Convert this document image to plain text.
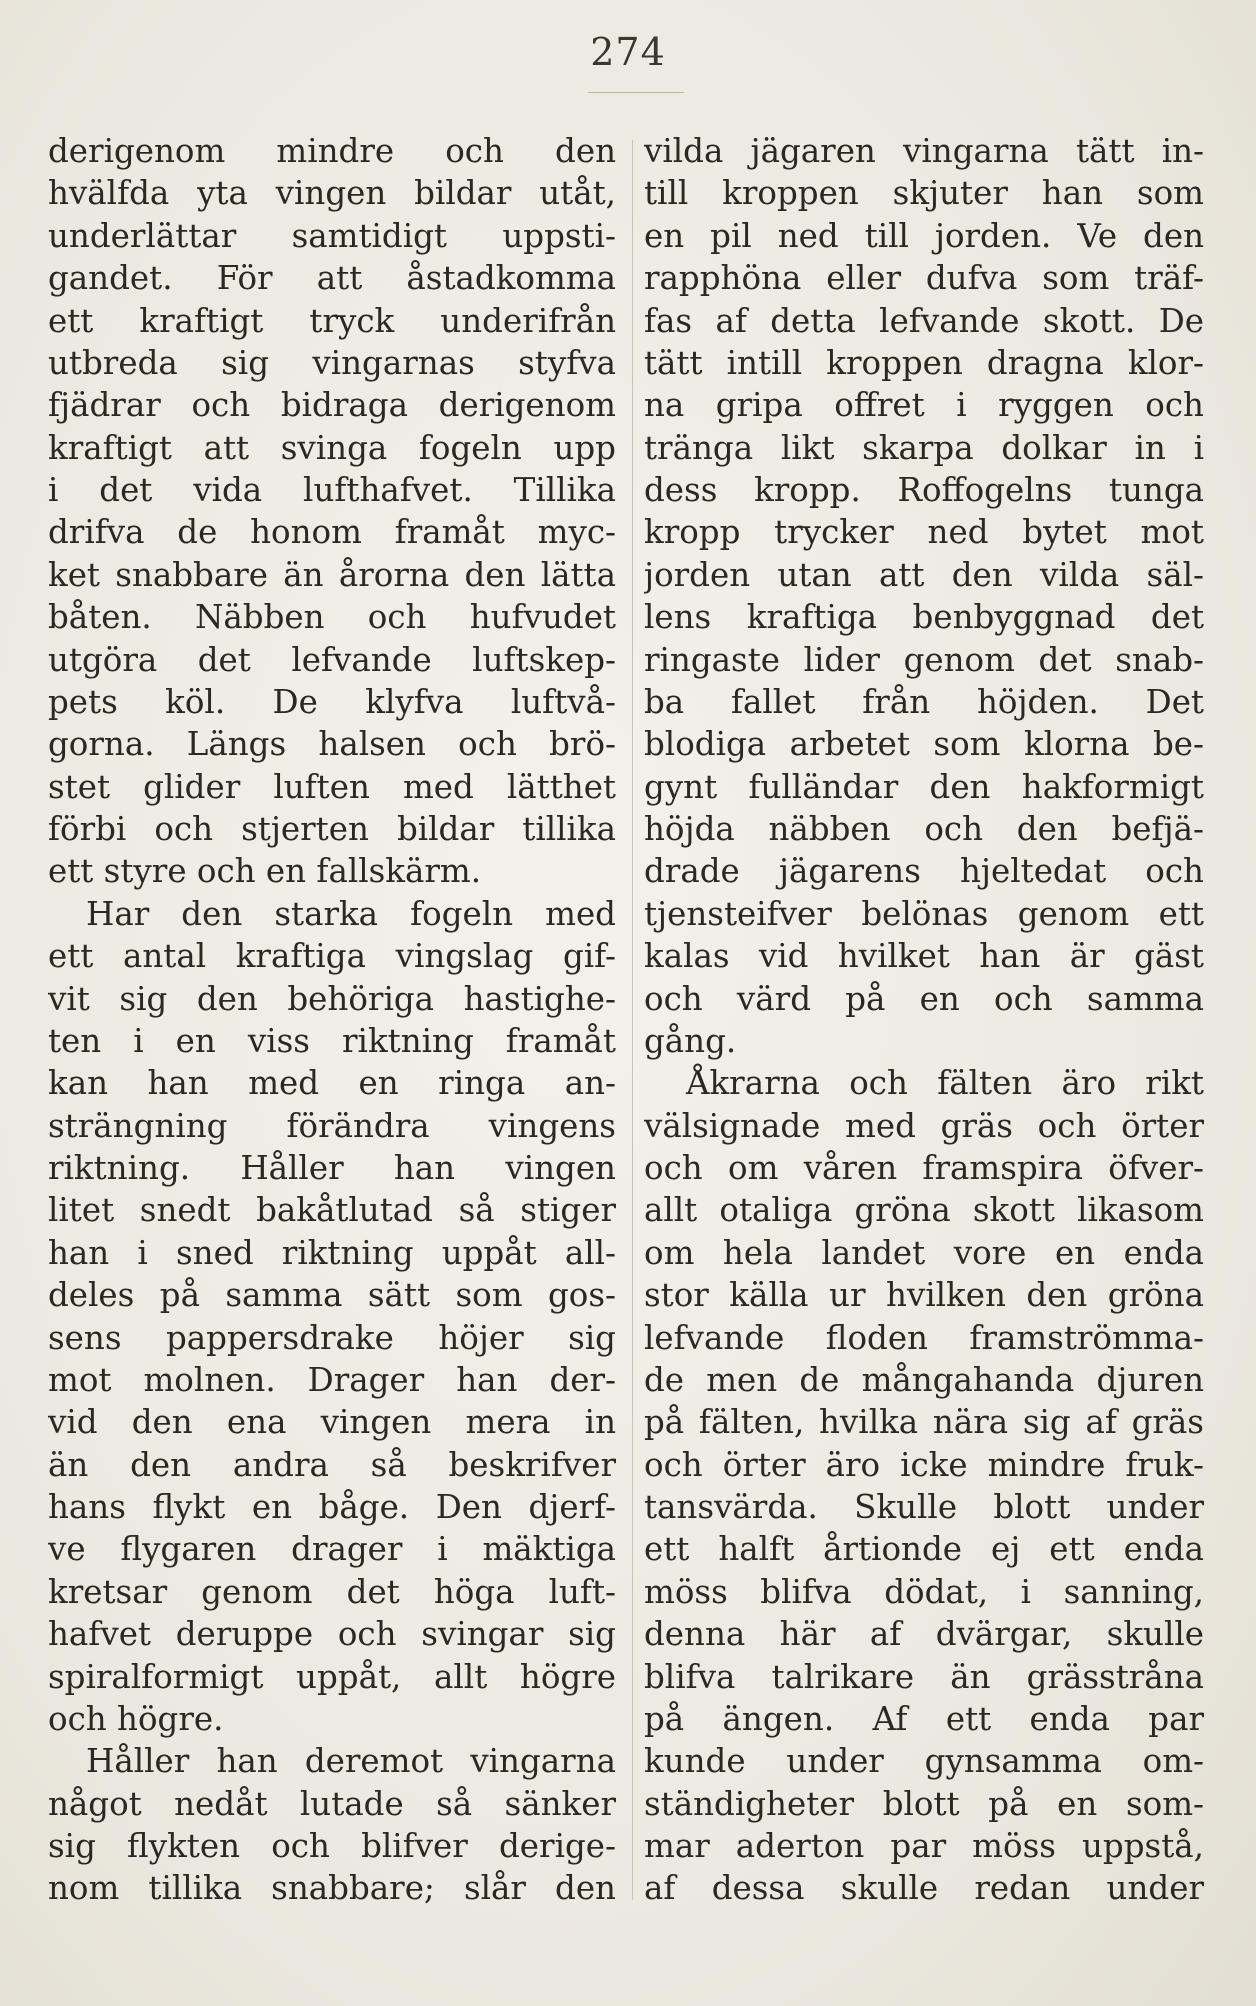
274
derigenom mindre och den
hvälfda yta vingen bildar utåt,
underlättar samtidigt uppsti-
gandet. För att åstadkomma
ett kraftigt tryck underifrån
utbreda sig vingarnas styfva
fjädrar och bidraga derigenom
kraftigt att svinga fogeln upp
i det vida lufthafvet. Tillika
drifva de honom framåt myc-
ket snabbare än årorna den lätta
båten. Näbben och hufvudet
utgöra det lefvande luftskep-
pets köl. De klyfva luftvå-
gorna. Längs halsen och brö-
stet glider luften med lätthet
förbi och stjerten bildar tillika
ett styre och en fallskärm.
Har den starka fogeln med
ett antal kraftiga vingslag gif-
vit sig den behöriga hastighe-
ten i en viss riktning framåt
kan han med en ringa an-
strängning förändra vingens
riktning. Håller han vingen
litet snedt bakåtlutad så stiger
han i sned riktning uppåt all-
deles på samma sätt som gos-
sens pappersdrake höjer sig
mot molnen. Drager han der-
vid den ena vingen mera in
än den andra så beskrifver
hans flykt en båge. Den djerf-
ve flygaren drager i mäktiga
kretsar genom det höga luft-
hafvet deruppe och svingar sig
spiralformigt uppåt, allt högre
och högre.
Håller han deremot vingarna
något nedåt lutade så sänker
sig flykten och blifver derige-
nom tillika snabbare; slår den
vilda jägaren vingarna tätt in-
till kroppen skjuter han som
en pil ned till jorden. Ve den
rapphöna eller dufva som träf-
fas af detta lefvande skott. De
tätt intill kroppen dragna klor-
na gripa offret i ryggen och
tränga likt skarpa dolkar in i
dess kropp. Roffogelns tunga
kropp trycker ned bytet mot
jorden utan att den vilda säl-
lens kraftiga benbyggnad det
ringaste lider genom det snab-
ba fallet från höjden. Det
blodiga arbetet som klorna be-
gynt fulländar den hakformigt
höjda näbben och den befjä-
drade jägarens hjeltedat och
tjensteifver belönas genom ett
kalas vid hvilket han är gäst
och värd på en och samma
gång.
Åkrarna och fälten äro rikt
välsignade med gräs och örter
och om våren framspira öfver-
allt otaliga gröna skott likasom
om hela landet vore en enda
stor källa ur hvilken den gröna
lefvande floden framströmma-
de men de mångahanda djuren
på fälten, hvilka nära sig af gräs
och örter äro icke mindre fruk-
tansvärda. Skulle blott under
ett halft årtionde ej ett enda
möss blifva dödat, i sanning,
denna här af dvärgar, skulle
blifva talrikare än grässtråna
på ängen. Af ett enda par
kunde under gynsamma om-
ständigheter blott på en som-
mar aderton par möss uppstå,
af dessa skulle redan under
